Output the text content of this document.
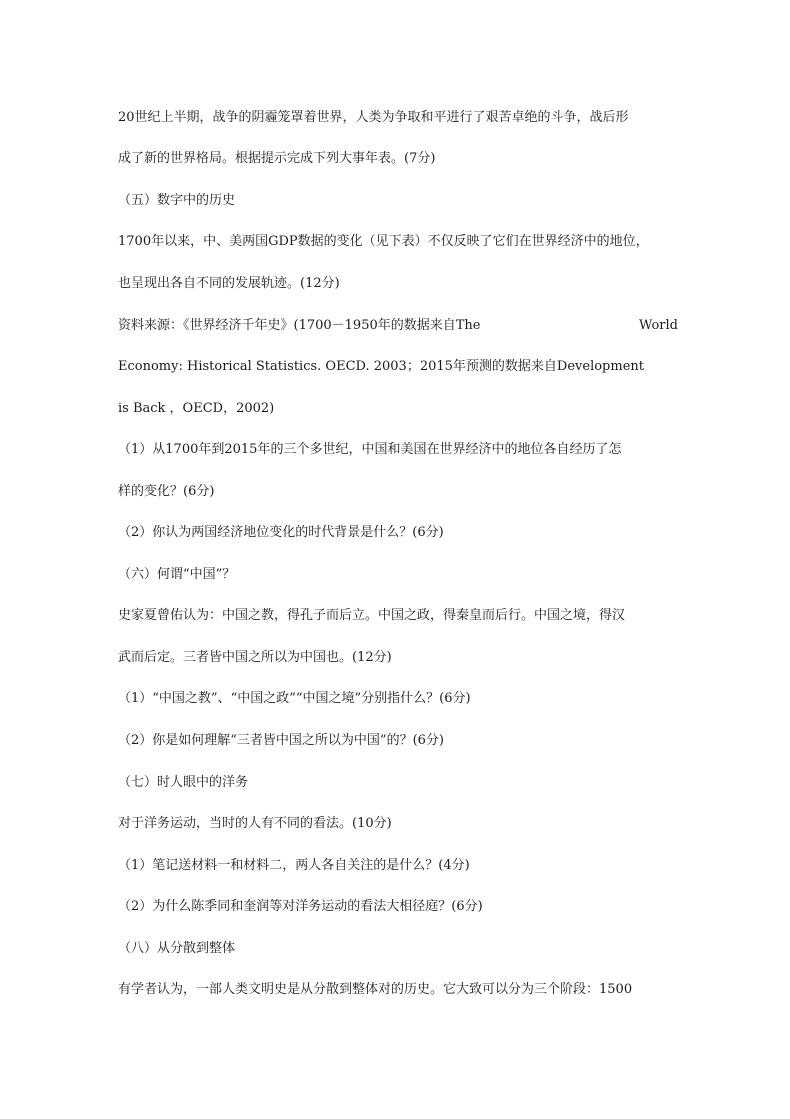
20世纪上半期，战争的阴霾笼罩着世界，人类为争取和平进行了艰苦卓绝的斗争，战后形
成了新的世界格局。根据提示完成下列大事年表。(7分)
（五）数字中的历史
1700年以来，中、美两国GDP数据的变化（见下表）不仅反映了它们在世界经济中的地位，
也呈现出各自不同的发展轨迹。(12分)
资料来源：《世界经济千年史》(1700－1950年的数据来自The	World
Economy: Historical Statistics. OECD. 2003；2015年预测的数据来自Development
is Back ，OECD，2002)
（1）从1700年到2015年的三个多世纪，中国和美国在世界经济中的地位各自经历了怎
样的变化？(6分)
（2）你认为两国经济地位变化的时代背景是什么？(6分)
（六）何谓“中国”？
史家夏曾佑认为：中国之教，得孔子而后立。中国之政，得秦皇而后行。中国之境，得汉
武而后定。三者皆中国之所以为中国也。(12分)
（1）“中国之教”、“中国之政”“中国之境”分别指什么？(6分)
（2）你是如何理解“三者皆中国之所以为中国”的？(6分)
（七）时人眼中的洋务
对于洋务运动，当时的人有不同的看法。(10分)
（1）笔记送材料一和材料二，两人各自关注的是什么？(4分)
（2）为什么陈季同和奎润等对洋务运动的看法大相径庭？(6分)
（八）从分散到整体
有学者认为，一部人类文明史是从分散到整体对的历史。它大致可以分为三个阶段：1500
